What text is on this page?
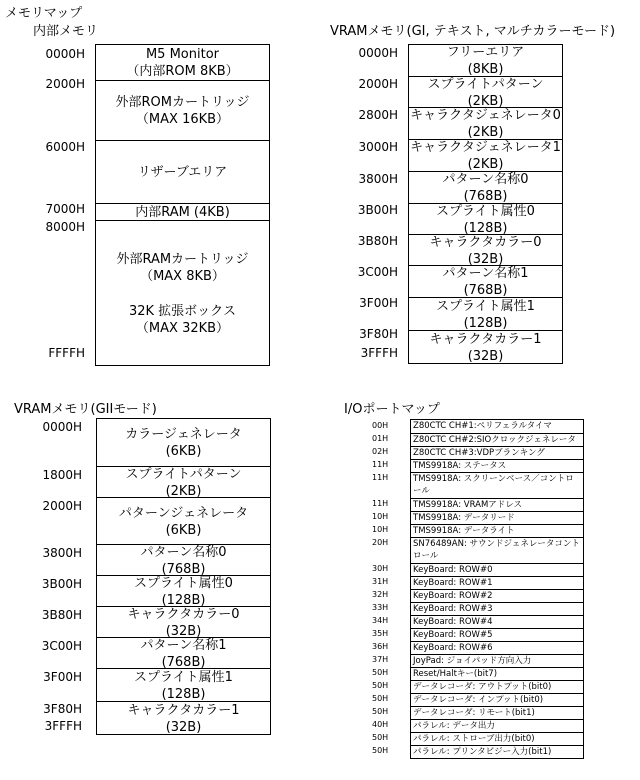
メモリマップ
内部メモリ
0000H
2000H
6000H
7000H
8000H
FFFFH
M5 Monitor
（内部ROM 8KB）
外部ROMカートリッジ
（MAX 16KB）
リザーブエリア
内部RAM (4KB)
外部RAMカートリッジ
（MAX 8KB）
32K 拡張ボックス
（MAX 32KB）
VRAMメモリ(GI, テキスト, マルチカラーモード)
0000H
2000H
2800H
3000H
3800H
3B00H
3B80H
3C00H
3F00H
3F80H
3FFFH
フリーエリア
(8KB)
スプライトパターン
(2KB)
キャラクタジェネレータ0
(2KB)
キャラクタジェネレータ1
(2KB)
パターン名称0
(768B)
スプライト属性0
(128B)
キャラクタカラー0
(32B)
パターン名称1
(768B)
スプライト属性1
(128B)
キャラクタカラー1
(32B)
VRAMメモリ(GIIモード)
0000H
1800H
2000H
3800H
3B00H
3B80H
3C00H
3F00H
3F80H
3FFFH
カラージェネレータ
(6KB)
スプライトパターン
(2KB)
パターンジェネレータ
(6KB)
パターン名称0
(768B)
スプライト属性0
(128B)
キャラクタカラー0
(32B)
パターン名称1
(768B)
スプライト属性1
(128B)
キャラクタカラー1
(32B)
I/Oポートマップ
00H
01H
02H
11H
11H
11H
10H
10H
20H
30H
31H
32H
33H
34H
35H
36H
37H
50H
50H
50H
50H
40H
50H
50H
Z80CTC CH#1:ペリフェラルタイマ
Z80CTC CH#2:SIOクロックジェネレータ
Z80CTC CH#3:VDPブランキング
TMS9918A: ステータス
TMS9918A: スクリーンベース／コントロール
TMS9918A: VRAMアドレス
TMS9918A: データリード
TMS9918A: データライト
SN76489AN: サウンドジェネレータコントロール
KeyBoard: ROW#0
KeyBoard: ROW#1
KeyBoard: ROW#2
KeyBoard: ROW#3
KeyBoard: ROW#4
KeyBoard: ROW#5
KeyBoard: ROW#6
JoyPad: ジョイパッド方向入力
Reset/Haltキー(bit7)
データレコーダ: アウトプット(bit0)
データレコーダ: インプット(bit0)
データレコーダ: リモート(bit1)
パラレル: データ出力
パラレル: ストローブ出力(bit0)
パラレル: プリンタビジー入力(bit1)
